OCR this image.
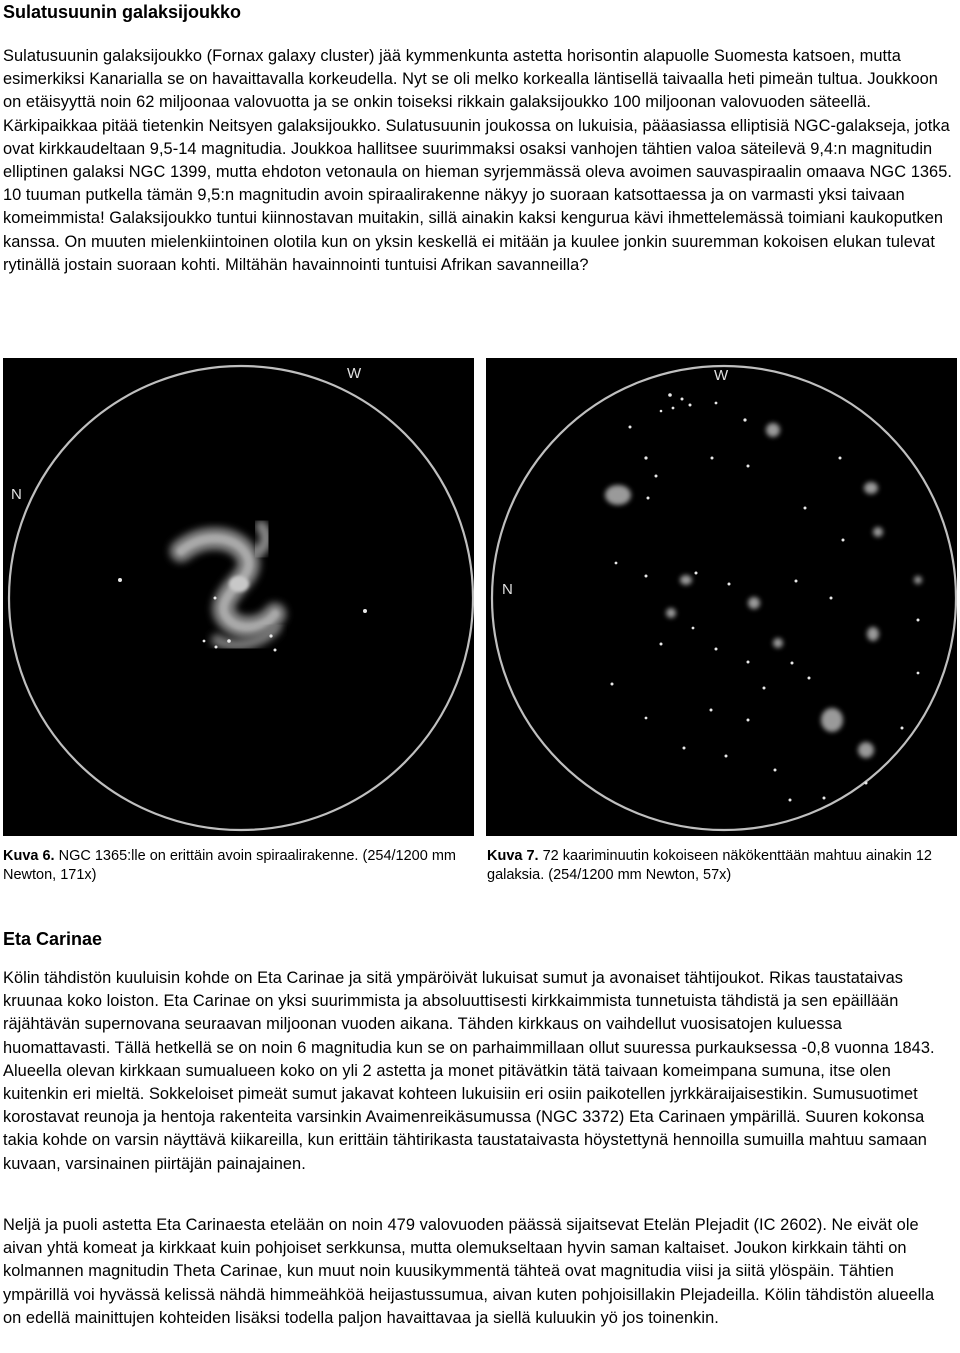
Sulatusuunin galaksijoukko

Sulatusuunin galaksijoukko (Fornax galaxy cluster) jää kymmenkunta astetta horisontin alapuolle Suomesta katsoen, mutta esimerkiksi Kanarialla se on havaittavalla korkeudella. Nyt se oli melko korkealla läntisellä taivaalla heti pimeän tultua. Joukkoon on etäisyyttä noin 62 miljoonaa valovuotta ja se onkin toiseksi rikkain galaksijoukko 100 miljoonan valovuoden säteellä. Kärkipaikkaa pitää tietenkin Neitsyen galaksijoukko. Sulatusuunin joukossa on lukuisia, pääasiassa elliptisiä NGC-galakseja, jotka ovat kirkkaudeltaan 9,5-14 magnitudia. Joukkoa hallitsee suurimmaksi osaksi vanhojen tähtien valoa säteilevä 9,4:n magnitudin elliptinen galaksi NGC 1399, mutta ehdoton vetonaula on hieman syrjemmässä oleva avoimen sauvaspiraalin omaava NGC 1365. 10 tuuman putkella tämän 9,5:n magnitudin avoin spiraalirakenne näkyy jo suoraan katsottaessa ja on varmasti yksi taivaan komeimmista! Galaksijoukko tuntui kiinnostavan muitakin, sillä ainakin kaksi kengurua kävi ihmettelemässä toimiani kaukoputken kanssa. On muuten mielenkiintoinen olotila kun on yksin keskellä ei mitään ja kuulee jonkin suuremman kokoisen elukan tulevat rytinällä jostain suoraan kohti. Miltähän havainnointi tuntuisi Afrikan savanneilla?

W
N
W
N
Kuva 6. NGC 1365:lle on erittäin avoin spiraalirakenne. (254/1200 mm Newton, 171x)
Kuva 7. 72 kaariminuutin kokoiseen näkökenttään mahtuu ainakin 12 galaksia. (254/1200 mm Newton, 57x)
Eta Carinae

Kölin tähdistön kuuluisin kohde on Eta Carinae ja sitä ympäröivät lukuisat sumut ja avonaiset tähtijoukot. Rikas taustataivas kruunaa koko loiston. Eta Carinae on yksi suurimmista ja absoluuttisesti kirkkaimmista tunnetuista tähdistä ja sen epäillään räjähtävän supernovana seuraavan miljoonan vuoden aikana. Tähden kirkkaus on vaihdellut vuosisatojen kuluessa huomattavasti. Tällä hetkellä se on noin 6 magnitudia kun se on parhaimmillaan ollut suuressa purkauksessa -0,8 vuonna 1843. Alueella olevan kirkkaan sumualueen koko on yli 2 astetta ja monet pitävätkin tätä taivaan komeimpana sumuna, itse olen kuitenkin eri mieltä. Sokkeloiset pimeät sumut jakavat kohteen lukuisiin eri osiin paikotellen jyrkkäraijaisestikin. Sumusuotimet korostavat reunoja ja hentoja rakenteita varsinkin Avaimenreikäsumussa (NGC 3372) Eta Carinaen ympärillä. Suuren kokonsa takia kohde on varsin näyttävä kiikareilla, kun erittäin tähtirikasta taustataivasta höystettynä hennoilla sumuilla mahtuu samaan kuvaan, varsinainen piirtäjän painajainen.

Neljä ja puoli astetta Eta Carinaesta etelään on noin 479 valovuoden päässä sijaitsevat Etelän Plejadit (IC 2602). Ne eivät ole aivan yhtä komeat ja kirkkaat kuin pohjoiset serkkunsa, mutta olemukseltaan hyvin saman kaltaiset. Joukon kirkkain tähti on kolmannen magnitudin Theta Carinae, kun muut noin kuusikymmentä tähteä ovat magnitudia viisi ja siitä ylöspäin. Tähtien ympärillä voi hyvässä kelissä nähdä himmeähköä heijastussumua, aivan kuten pohjoisillakin Plejadeilla. Kölin tähdistön alueella on edellä mainittujen kohteiden lisäksi todella paljon havaittavaa ja siellä kuluukin yö jos toinenkin.
